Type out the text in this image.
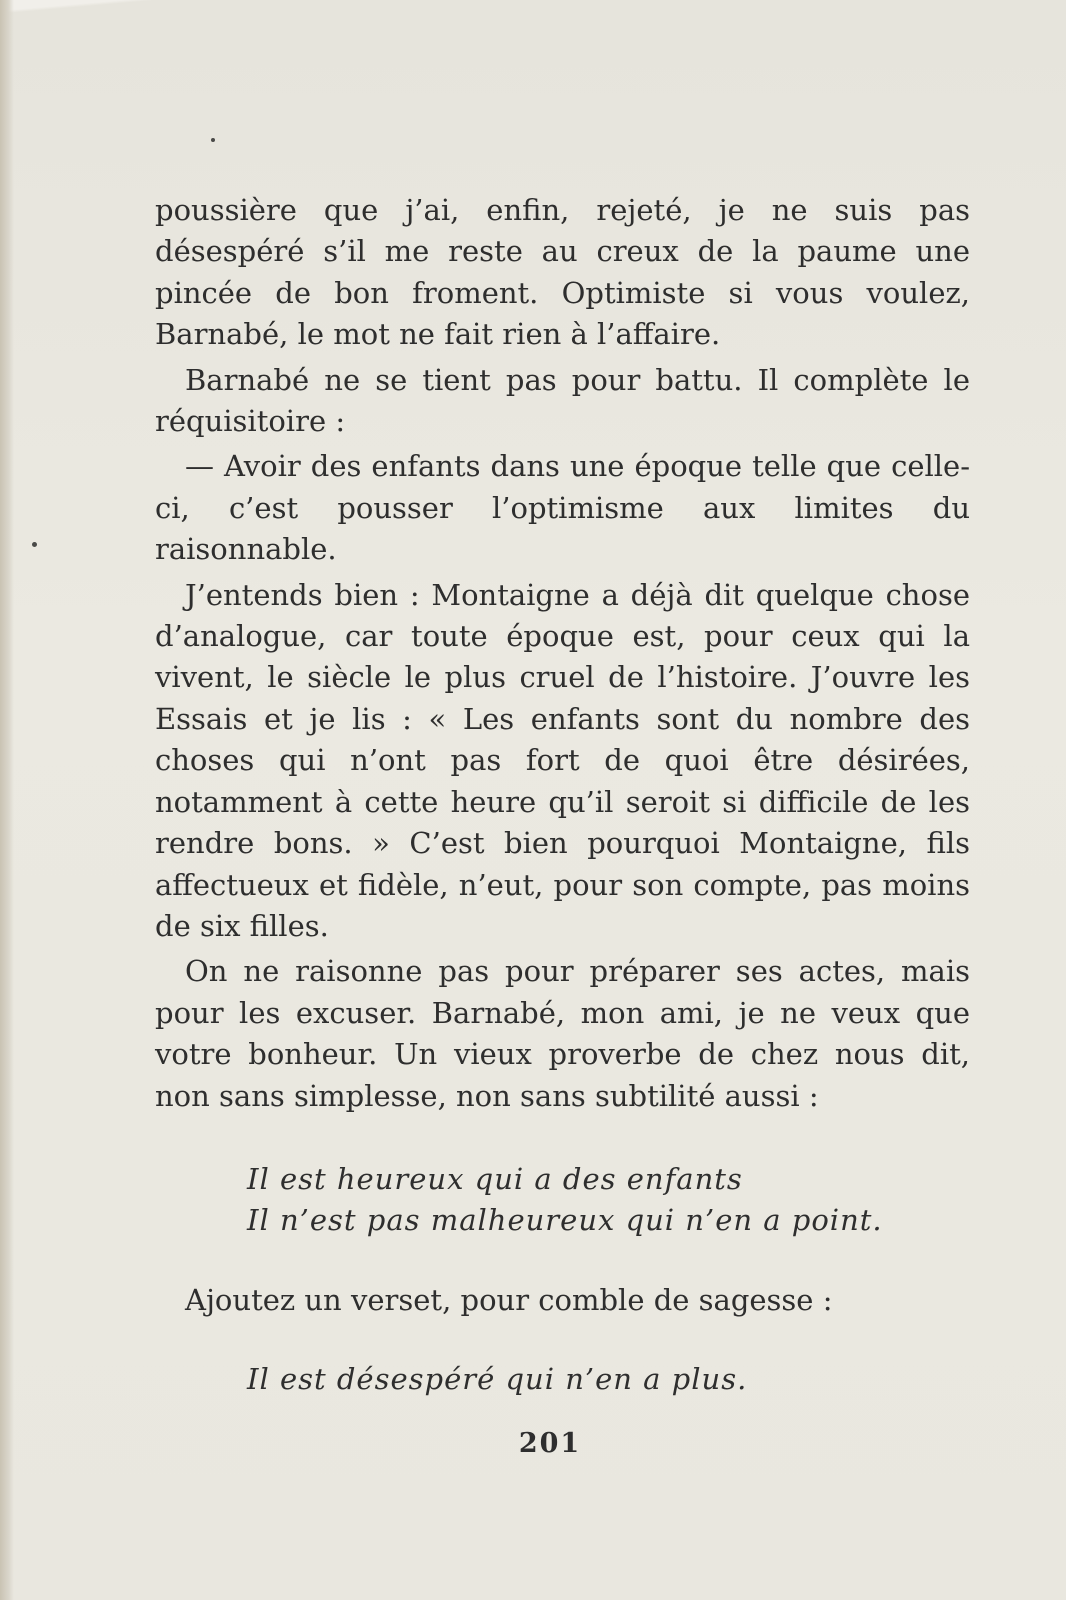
poussière que j’ai, enfin, rejeté, je ne suis pas désespéré s’il me reste au creux de la paume une pincée de bon froment. Optimiste si vous voulez, Barnabé, le mot ne fait rien à l’affaire.

Barnabé ne se tient pas pour battu. Il complète le réquisitoire :

— Avoir des enfants dans une époque telle que celle-ci, c’est pousser l’optimisme aux limites du raisonnable.

J’entends bien : Montaigne a déjà dit quelque chose d’analogue, car toute époque est, pour ceux qui la vivent, le siècle le plus cruel de l’histoire. J’ouvre les Essais et je lis : « Les enfants sont du nombre des choses qui n’ont pas fort de quoi être désirées, notamment à cette heure qu’il seroit si difficile de les rendre bons. » C’est bien pourquoi Montaigne, fils affectueux et fidèle, n’eut, pour son compte, pas moins de six filles.

On ne raisonne pas pour préparer ses actes, mais pour les excuser. Barnabé, mon ami, je ne veux que votre bonheur. Un vieux proverbe de chez nous dit, non sans simplesse, non sans subtilité aussi :

Il est heureux qui a des enfants

Il n’est pas malheureux qui n’en a point.

Ajoutez un verset, pour comble de sagesse :

Il est désespéré qui n’en a plus.

201
